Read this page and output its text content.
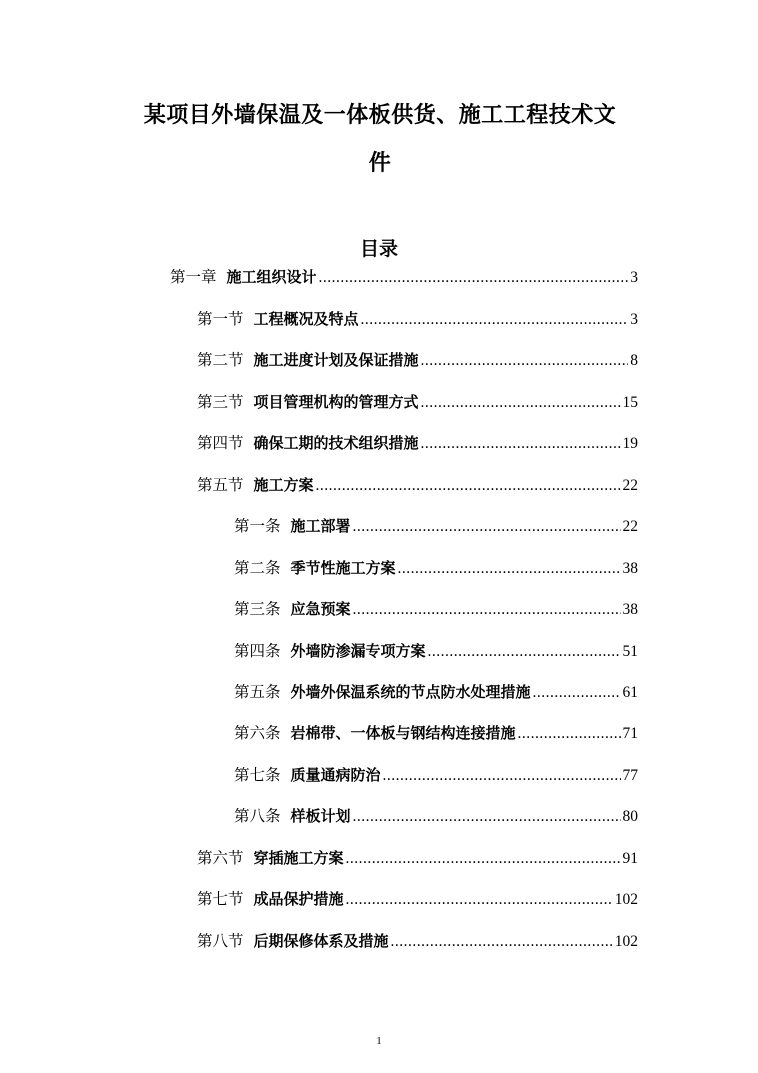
某项目外墙保温及一体板供货、施工工程技术文
件
目录
第一章 施工组织设计 .....	3
第一节 工程概况及特点 .....	3
第二节 施工进度计划及保证措施 .....	8
第三节 项目管理机构的管理方式 .....	15
第四节 确保工期的技术组织措施 .....	19
第五节 施工方案 .....	22
第一条 施工部署 .....	22
第二条 季节性施工方案 .....	38
第三条 应急预案 .....	38
第四条 外墙防渗漏专项方案 .....	51
第五条 外墙外保温系统的节点防水处理措施 .....	61
第六条 岩棉带、一体板与钢结构连接措施 .....	71
第七条 质量通病防治 .....	77
第八条 样板计划 .....	80
第六节 穿插施工方案 .....	91
第七节 成品保护措施 .....	102
第八节 后期保修体系及措施 .....	102
1
